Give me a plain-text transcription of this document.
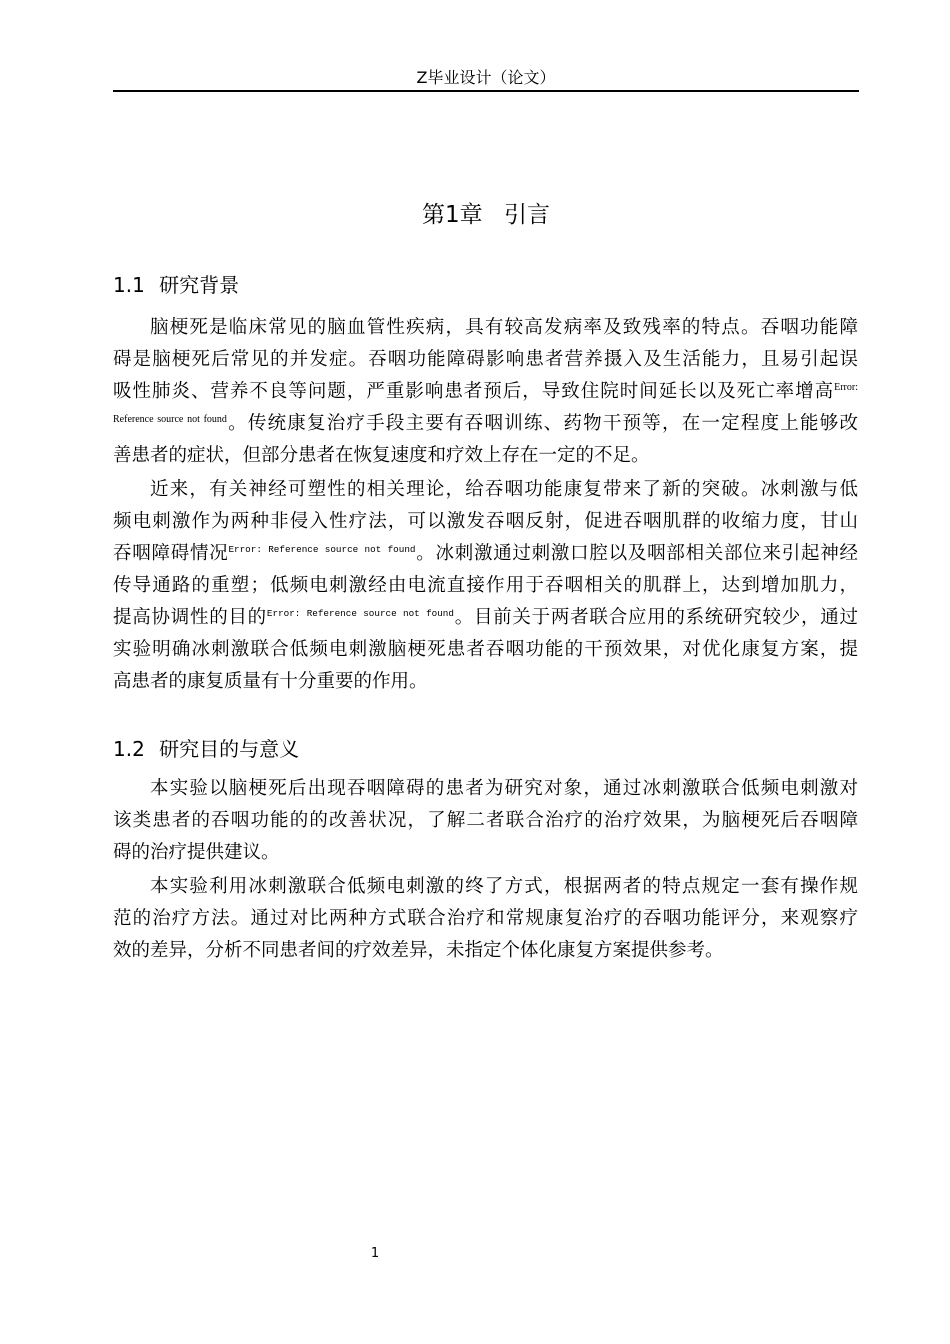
Z毕业设计（论文）
第1章 引言
1.1 研究背景
脑梗死是临床常见的脑血管性疾病，具有较高发病率及致残率的特点。吞咽功能障
碍是脑梗死后常见的并发症。吞咽功能障碍影响患者营养摄入及生活能力，且易引起误
吸性肺炎、营养不良等问题，严重影响患者预后，导致住院时间延长以及死亡率增高$^{Error:}$
$^{Reference source not found}$。传统康复治疗手段主要有吞咽训练、药物干预等，在一定程度上能够改
善患者的症状，但部分患者在恢复速度和疗效上存在一定的不足。
近来，有关神经可塑性的相关理论，给吞咽功能康复带来了新的突破。冰刺激与低
频电刺激作为两种非侵入性疗法，可以激发吞咽反射，促进吞咽肌群的收缩力度，甘山
吞咽障碍情况$^{Error: Reference source not found}$。冰刺激通过刺激口腔以及咽部相关部位来引起神经
传导通路的重塑；低频电刺激经由电流直接作用于吞咽相关的肌群上，达到增加肌力，
提高协调性的目的$^{Error: Reference source not found}$。目前关于两者联合应用的系统研究较少，通过
实验明确冰刺激联合低频电刺激脑梗死患者吞咽功能的干预效果，对优化康复方案，提
高患者的康复质量有十分重要的作用。
1.2 研究目的与意义
本实验以脑梗死后出现吞咽障碍的患者为研究对象，通过冰刺激联合低频电刺激对
该类患者的吞咽功能的的改善状况，了解二者联合治疗的治疗效果，为脑梗死后吞咽障
碍的治疗提供建议。
本实验利用冰刺激联合低频电刺激的终了方式，根据两者的特点规定一套有操作规
范的治疗方法。通过对比两种方式联合治疗和常规康复治疗的吞咽功能评分，来观察疗
效的差异，分析不同患者间的疗效差异，未指定个体化康复方案提供参考。
1
